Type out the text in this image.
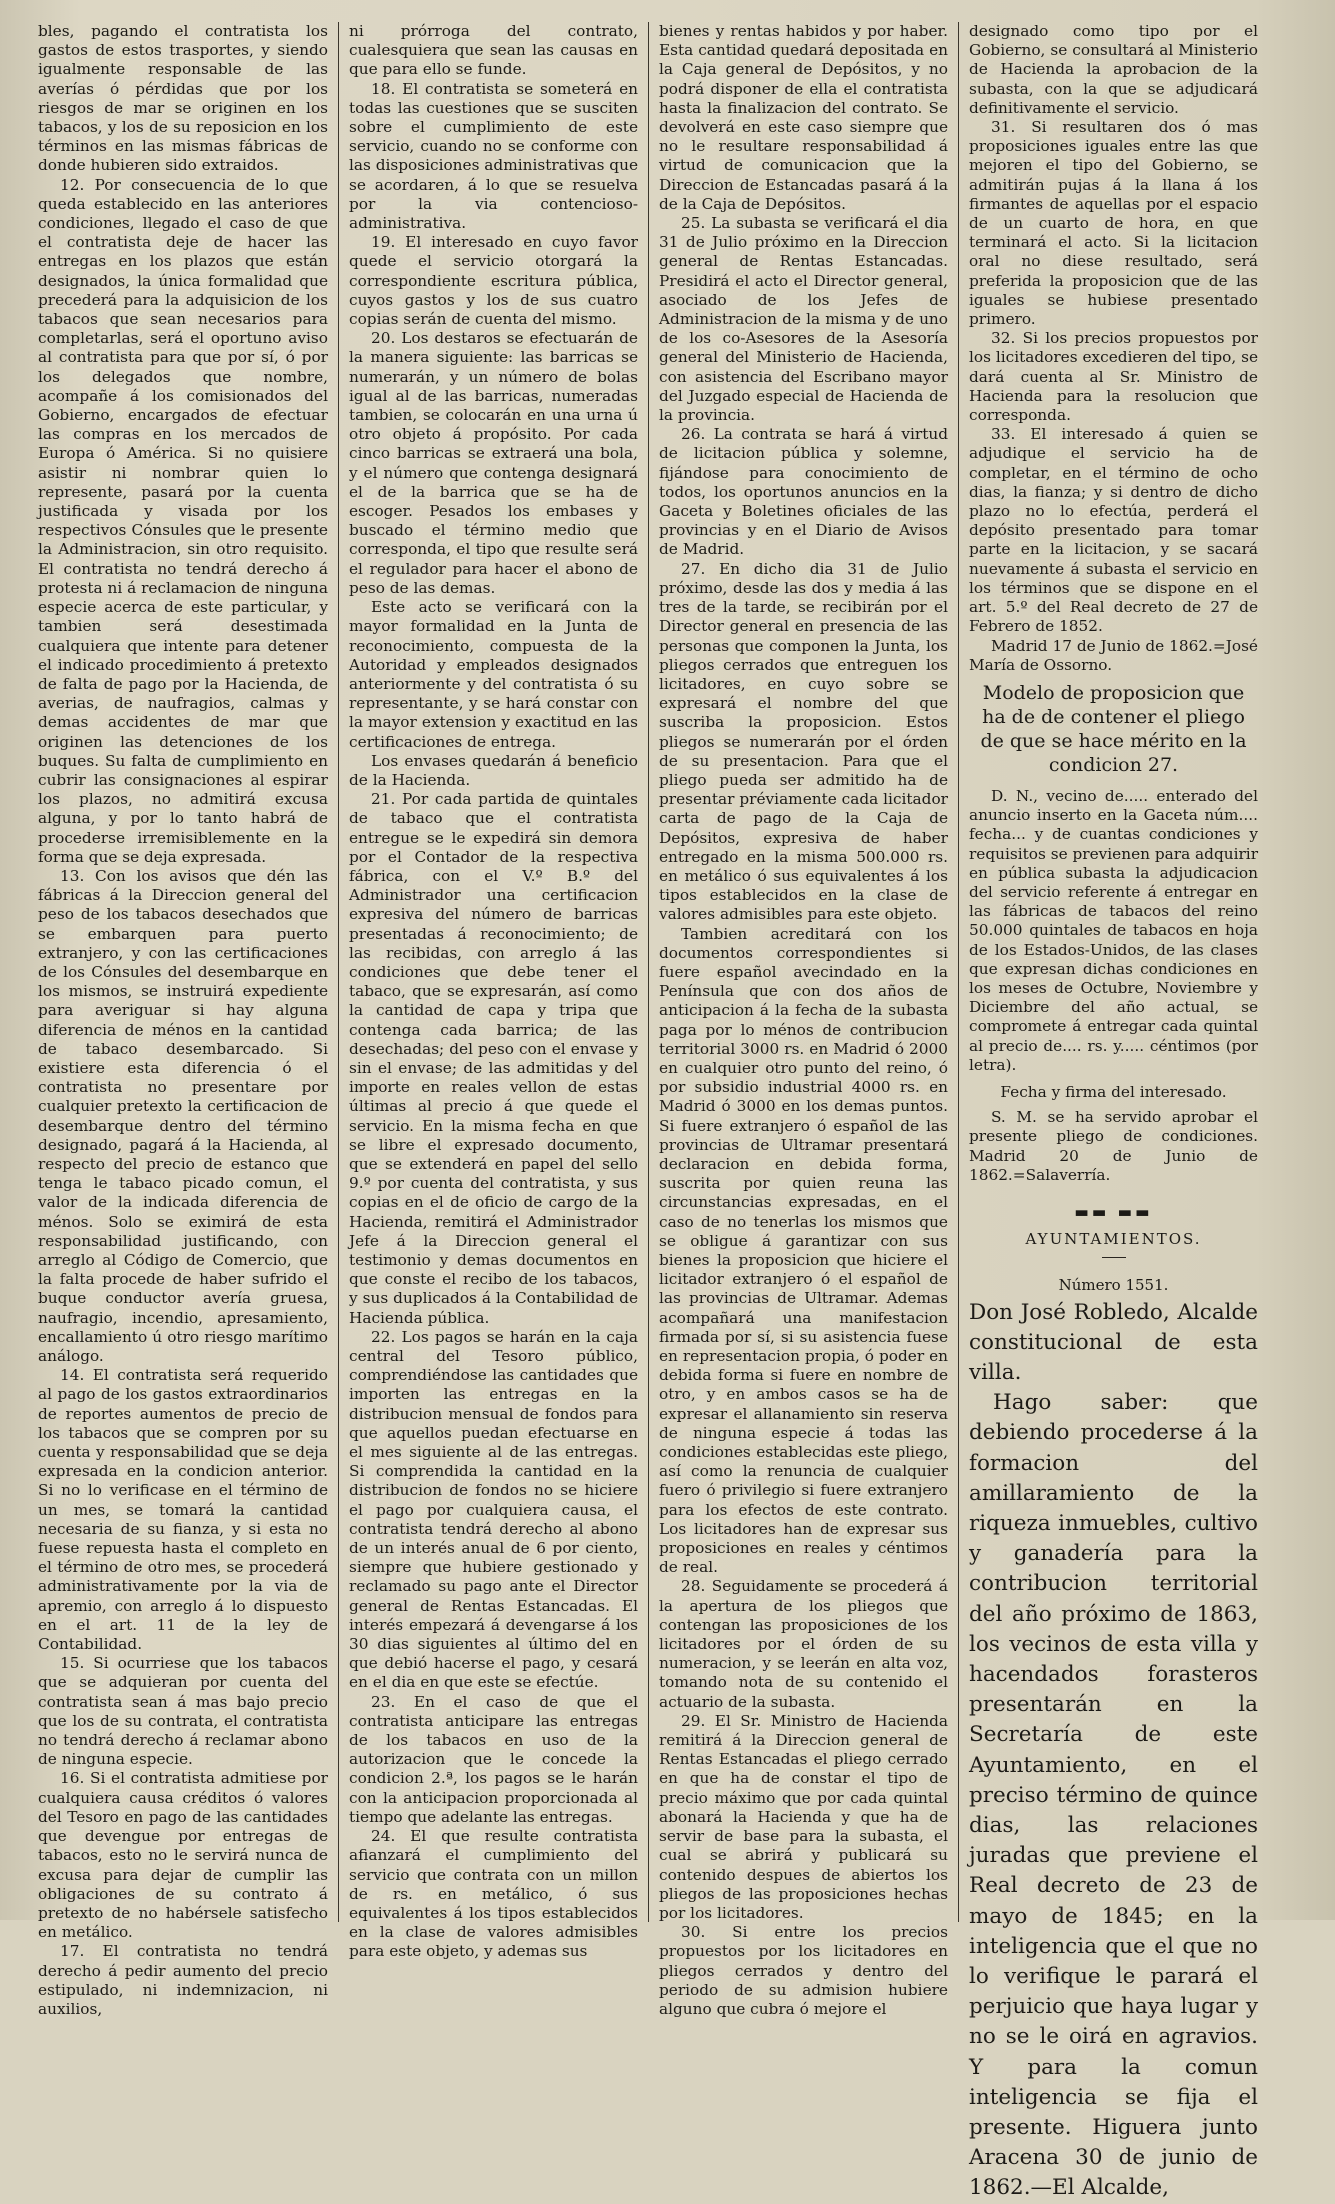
bles, pagando el contratista los gastos de estos trasportes, y siendo igualmente responsable de las averías ó pérdidas que por los riesgos de mar se originen en los tabacos, y los de su reposicion en los términos en las mismas fábricas de donde hubieren sido extraidos.

12. Por consecuencia de lo que queda establecido en las anteriores condiciones, llegado el caso de que el contratista deje de hacer las entregas en los plazos que están designados, la única formalidad que precederá para la adquisicion de los tabacos que sean necesarios para completarlas, será el oportuno aviso al contratista para que por sí, ó por los delegados que nombre, acompañe á los comisionados del Gobierno, encargados de efectuar las compras en los mercados de Europa ó América. Si no quisiere asistir ni nombrar quien lo represente, pasará por la cuenta justificada y visada por los respectivos Cónsules que le presente la Administracion, sin otro requisito. El contratista no tendrá derecho á protesta ni á reclamacion de ninguna especie acerca de este particular, y tambien será desestimada cualquiera que intente para detener el indicado procedimiento á pretexto de falta de pago por la Hacienda, de averias, de naufragios, calmas y demas accidentes de mar que originen las detenciones de los buques. Su falta de cumplimiento en cubrir las consignaciones al espirar los plazos, no admitirá excusa alguna, y por lo tanto habrá de procederse irremisiblemente en la forma que se deja expresada.

13. Con los avisos que dén las fábricas á la Direccion general del peso de los tabacos desechados que se embarquen para puerto extranjero, y con las certificaciones de los Cónsules del desembarque en los mismos, se instruirá expediente para averiguar si hay alguna diferencia de ménos en la cantidad de tabaco desembarcado. Si existiere esta diferencia ó el contratista no presentare por cualquier pretexto la certificacion de desembarque dentro del término designado, pagará á la Hacienda, al respecto del precio de estanco que tenga le tabaco picado comun, el valor de la indicada diferencia de ménos. Solo se eximirá de esta responsabilidad justificando, con arreglo al Código de Comercio, que la falta procede de haber sufrido el buque conductor avería gruesa, naufragio, incendio, apresamiento, encallamiento ú otro riesgo marítimo análogo.

14. El contratista será requerido al pago de los gastos extraordinarios de reportes aumentos de precio de los tabacos que se compren por su cuenta y responsabilidad que se deja expresada en la condicion anterior. Si no lo verificase en el término de un mes, se tomará la cantidad necesaria de su fianza, y si esta no fuese repuesta hasta el completo en el término de otro mes, se procederá administrativamente por la via de apremio, con arreglo á lo dispuesto en el art. 11 de la ley de Contabilidad.

15. Si ocurriese que los tabacos que se adquieran por cuenta del contratista sean á mas bajo precio que los de su contrata, el contratista no tendrá derecho á reclamar abono de ninguna especie.

16. Si el contratista admitiese por cualquiera causa créditos ó valores del Tesoro en pago de las cantidades que devengue por entregas de tabacos, esto no le servirá nunca de excusa para dejar de cumplir las obligaciones de su contrato á pretexto de no habérsele satisfecho en metálico.

17. El contratista no tendrá derecho á pedir aumento del precio estipulado, ni indemnizacion, ni auxilios,

ni prórroga del contrato, cualesquiera que sean las causas en que para ello se funde.

18. El contratista se someterá en todas las cuestiones que se susciten sobre el cumplimiento de este servicio, cuando no se conforme con las disposiciones administrativas que se acordaren, á lo que se resuelva por la via contencioso-administrativa.

19. El interesado en cuyo favor quede el servicio otorgará la correspondiente escritura pública, cuyos gastos y los de sus cuatro copias serán de cuenta del mismo.

20. Los destaros se efectuarán de la manera siguiente: las barricas se numerarán, y un número de bolas igual al de las barricas, numeradas tambien, se colocarán en una urna ú otro objeto á propósito. Por cada cinco barricas se extraerá una bola, y el número que contenga designará el de la barrica que se ha de escoger. Pesados los embases y buscado el término medio que corresponda, el tipo que resulte será el regulador para hacer el abono de peso de las demas.

Este acto se verificará con la mayor formalidad en la Junta de reconocimiento, compuesta de la Autoridad y empleados designados anteriormente y del contratista ó su representante, y se hará constar con la mayor extension y exactitud en las certificaciones de entrega.

Los envases quedarán á beneficio de la Hacienda.

21. Por cada partida de quintales de tabaco que el contratista entregue se le expedirá sin demora por el Contador de la respectiva fábrica, con el V.º B.º del Administrador una certificacion expresiva del número de barricas presentadas á reconocimiento; de las recibidas, con arreglo á las condiciones que debe tener el tabaco, que se expresarán, así como la cantidad de capa y tripa que contenga cada barrica; de las desechadas; del peso con el envase y sin el envase; de las admitidas y del importe en reales vellon de estas últimas al precio á que quede el servicio. En la misma fecha en que se libre el expresado documento, que se extenderá en papel del sello 9.º por cuenta del contratista, y sus copias en el de oficio de cargo de la Hacienda, remitirá el Administrador Jefe á la Direccion general el testimonio y demas documentos en que conste el recibo de los tabacos, y sus duplicados á la Contabilidad de Hacienda pública.

22. Los pagos se harán en la caja central del Tesoro público, comprendiéndose las cantidades que importen las entregas en la distribucion mensual de fondos para que aquellos puedan efectuarse en el mes siguiente al de las entregas. Si comprendida la cantidad en la distribucion de fondos no se hiciere el pago por cualquiera causa, el contratista tendrá derecho al abono de un interés anual de 6 por ciento, siempre que hubiere gestionado y reclamado su pago ante el Director general de Rentas Estancadas. El interés empezará á devengarse á los 30 dias siguientes al último del en que debió hacerse el pago, y cesará en el dia en que este se efectúe.

23. En el caso de que el contratista anticipare las entregas de los tabacos en uso de la autorizacion que le concede la condicion 2.ª, los pagos se le harán con la anticipacion proporcionada al tiempo que adelante las entregas.

24. El que resulte contratista afianzará el cumplimiento del servicio que contrata con un millon de rs. en metálico, ó sus equivalentes á los tipos establecidos en la clase de valores admisibles para este objeto, y ademas sus

bienes y rentas habidos y por haber. Esta cantidad quedará depositada en la Caja general de Depósitos, y no podrá disponer de ella el contratista hasta la finalizacion del contrato. Se devolverá en este caso siempre que no le resultare responsabilidad á virtud de comunicacion que la Direccion de Estancadas pasará á la de la Caja de Depósitos.

25. La subasta se verificará el dia 31 de Julio próximo en la Direccion general de Rentas Estancadas. Presidirá el acto el Director general, asociado de los Jefes de Administracion de la misma y de uno de los co-Asesores de la Asesoría general del Ministerio de Hacienda, con asistencia del Escribano mayor del Juzgado especial de Hacienda de la provincia.

26. La contrata se hará á virtud de licitacion pública y solemne, fijándose para conocimiento de todos, los oportunos anuncios en la Gaceta y Boletines oficiales de las provincias y en el Diario de Avisos de Madrid.

27. En dicho dia 31 de Julio próximo, desde las dos y media á las tres de la tarde, se recibirán por el Director general en presencia de las personas que componen la Junta, los pliegos cerrados que entreguen los licitadores, en cuyo sobre se expresará el nombre del que suscriba la proposicion. Estos pliegos se numerarán por el órden de su presentacion. Para que el pliego pueda ser admitido ha de presentar préviamente cada licitador carta de pago de la Caja de Depósitos, expresiva de haber entregado en la misma 500.000 rs. en metálico ó sus equivalentes á los tipos establecidos en la clase de valores admisibles para este objeto.

Tambien acreditará con los documentos correspondientes si fuere español avecindado en la Península que con dos años de anticipacion á la fecha de la subasta paga por lo ménos de contribucion territorial 3000 rs. en Madrid ó 2000 en cualquier otro punto del reino, ó por subsidio industrial 4000 rs. en Madrid ó 3000 en los demas puntos. Si fuere extranjero ó español de las provincias de Ultramar presentará declaracion en debida forma, suscrita por quien reuna las circunstancias expresadas, en el caso de no tenerlas los mismos que se obligue á garantizar con sus bienes la proposicion que hiciere el licitador extranjero ó el español de las provincias de Ultramar. Ademas acompañará una manifestacion firmada por sí, si su asistencia fuese en representacion propia, ó poder en debida forma si fuere en nombre de otro, y en ambos casos se ha de expresar el allanamiento sin reserva de ninguna especie á todas las condiciones establecidas este pliego, así como la renuncia de cualquier fuero ó privilegio si fuere extranjero para los efectos de este contrato. Los licitadores han de expresar sus proposiciones en reales y céntimos de real.

28. Seguidamente se procederá á la apertura de los pliegos que contengan las proposiciones de los licitadores por el órden de su numeracion, y se leerán en alta voz, tomando nota de su contenido el actuario de la subasta.

29. El Sr. Ministro de Hacienda remitirá á la Direccion general de Rentas Estancadas el pliego cerrado en que ha de constar el tipo de precio máximo que por cada quintal abonará la Hacienda y que ha de servir de base para la subasta, el cual se abrirá y publicará su contenido despues de abiertos los pliegos de las proposiciones hechas por los licitadores.

30. Si entre los precios propuestos por los licitadores en pliegos cerrados y dentro del periodo de su admision hubiere alguno que cubra ó mejore el

designado como tipo por el Gobierno, se consultará al Ministerio de Hacienda la aprobacion de la subasta, con la que se adjudicará definitivamente el servicio.

31. Si resultaren dos ó mas proposiciones iguales entre las que mejoren el tipo del Gobierno, se admitirán pujas á la llana á los firmantes de aquellas por el espacio de un cuarto de hora, en que terminará el acto. Si la licitacion oral no diese resultado, será preferida la proposicion que de las iguales se hubiese presentado primero.

32. Si los precios propuestos por los licitadores excedieren del tipo, se dará cuenta al Sr. Ministro de Hacienda para la resolucion que corresponda.

33. El interesado á quien se adjudique el servicio ha de completar, en el término de ocho dias, la fianza; y si dentro de dicho plazo no lo efectúa, perderá el depósito presentado para tomar parte en la licitacion, y se sacará nuevamente á subasta el servicio en los términos que se dispone en el art. 5.º del Real decreto de 27 de Febrero de 1852.

Madrid 17 de Junio de 1862.=José María de Ossorno.

Modelo de proposicion que ha de de contener el pliego de que se hace mérito en la condicion 27.

D. N., vecino de..... enterado del anuncio inserto en la Gaceta núm.... fecha... y de cuantas condiciones y requisitos se previenen para adquirir en pública subasta la adjudicacion del servicio referente á entregar en las fábricas de tabacos del reino 50.000 quintales de tabacos en hoja de los Estados-Unidos, de las clases que expresan dichas condiciones en los meses de Octubre, Noviembre y Diciembre del año actual, se compromete á entregar cada quintal al precio de.... rs. y..... céntimos (por letra).

Fecha y firma del interesado.

S. M. se ha servido aprobar el presente pliego de condiciones. Madrid 20 de Junio de 1862.=Salaverría.

▬▬ ▬▬
AYUNTAMIENTOS.
Número 1551.

Don José Robledo, Alcalde constitucional de esta villa.

Hago saber: que debiendo procederse á la formacion del amillaramiento de la riqueza inmuebles, cultivo y ganadería para la contribucion territorial del año próximo de 1863, los vecinos de esta villa y hacendados forasteros presentarán en la Secretaría de este Ayuntamiento, en el preciso término de quince dias, las relaciones juradas que previene el Real decreto de 23 de mayo de 1845; en la inteligencia que el que no lo verifique le parará el perjuicio que haya lugar y no se le oirá en agravios. Y para la comun inteligencia se fija el presente. Higuera junto Aracena 30 de junio de 1862.—El Alcalde,
